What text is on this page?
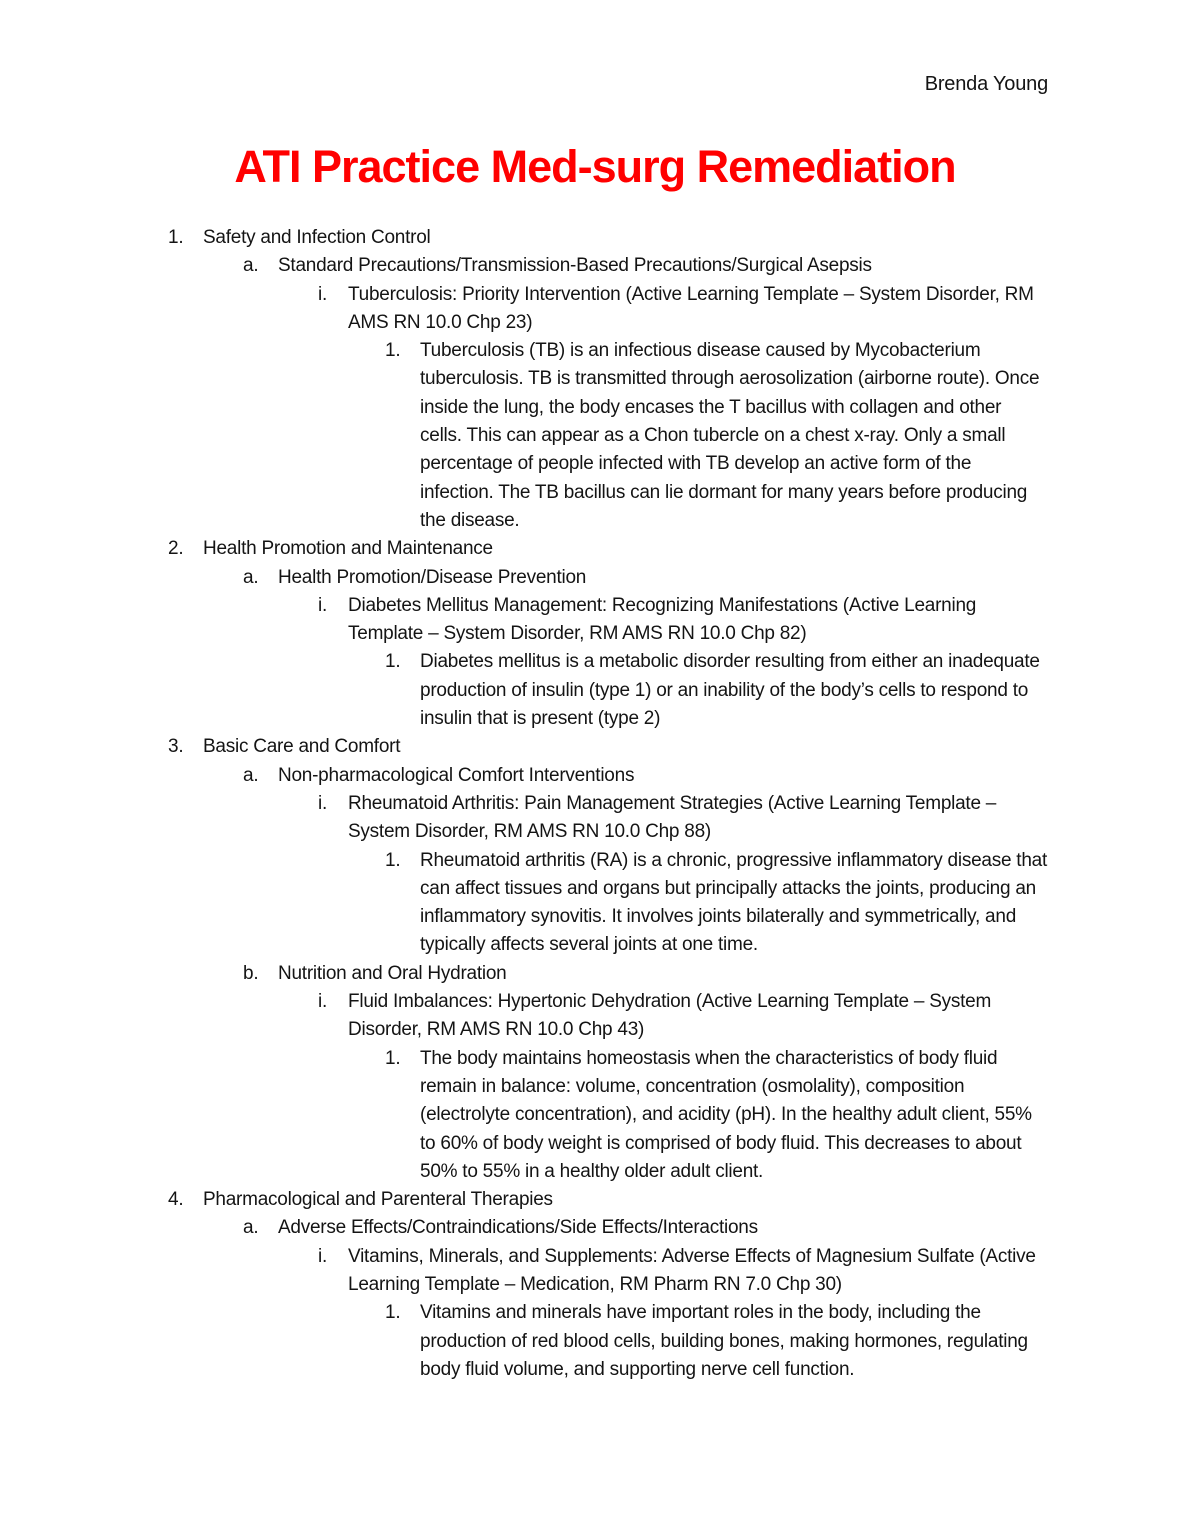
Brenda Young
ATI Practice Med-surg Remediation
1. Safety and Infection Control
a. Standard Precautions/Transmission-Based Precautions/Surgical Asepsis
i. Tuberculosis: Priority Intervention (Active Learning Template – System Disorder, RM AMS RN 10.0 Chp 23)
1. Tuberculosis (TB) is an infectious disease caused by Mycobacterium tuberculosis. TB is transmitted through aerosolization (airborne route). Once inside the lung, the body encases the T bacillus with collagen and other cells. This can appear as a Chon tubercle on a chest x-ray. Only a small percentage of people infected with TB develop an active form of the infection. The TB bacillus can lie dormant for many years before producing the disease.
2. Health Promotion and Maintenance
a. Health Promotion/Disease Prevention
i. Diabetes Mellitus Management: Recognizing Manifestations (Active Learning Template – System Disorder, RM AMS RN 10.0 Chp 82)
1. Diabetes mellitus is a metabolic disorder resulting from either an inadequate production of insulin (type 1) or an inability of the body’s cells to respond to insulin that is present (type 2)
3. Basic Care and Comfort
a. Non-pharmacological Comfort Interventions
i. Rheumatoid Arthritis: Pain Management Strategies (Active Learning Template – System Disorder, RM AMS RN 10.0 Chp 88)
1. Rheumatoid arthritis (RA) is a chronic, progressive inflammatory disease that can affect tissues and organs but principally attacks the joints, producing an inflammatory synovitis. It involves joints bilaterally and symmetrically, and typically affects several joints at one time.
b. Nutrition and Oral Hydration
i. Fluid Imbalances: Hypertonic Dehydration (Active Learning Template – System Disorder, RM AMS RN 10.0 Chp 43)
1. The body maintains homeostasis when the characteristics of body fluid remain in balance: volume, concentration (osmolality), composition (electrolyte concentration), and acidity (pH). In the healthy adult client, 55% to 60% of body weight is comprised of body fluid. This decreases to about 50% to 55% in a healthy older adult client.
4. Pharmacological and Parenteral Therapies
a. Adverse Effects/Contraindications/Side Effects/Interactions
i. Vitamins, Minerals, and Supplements: Adverse Effects of Magnesium Sulfate (Active Learning Template – Medication, RM Pharm RN 7.0 Chp 30)
1. Vitamins and minerals have important roles in the body, including the production of red blood cells, building bones, making hormones, regulating body fluid volume, and supporting nerve cell function.
